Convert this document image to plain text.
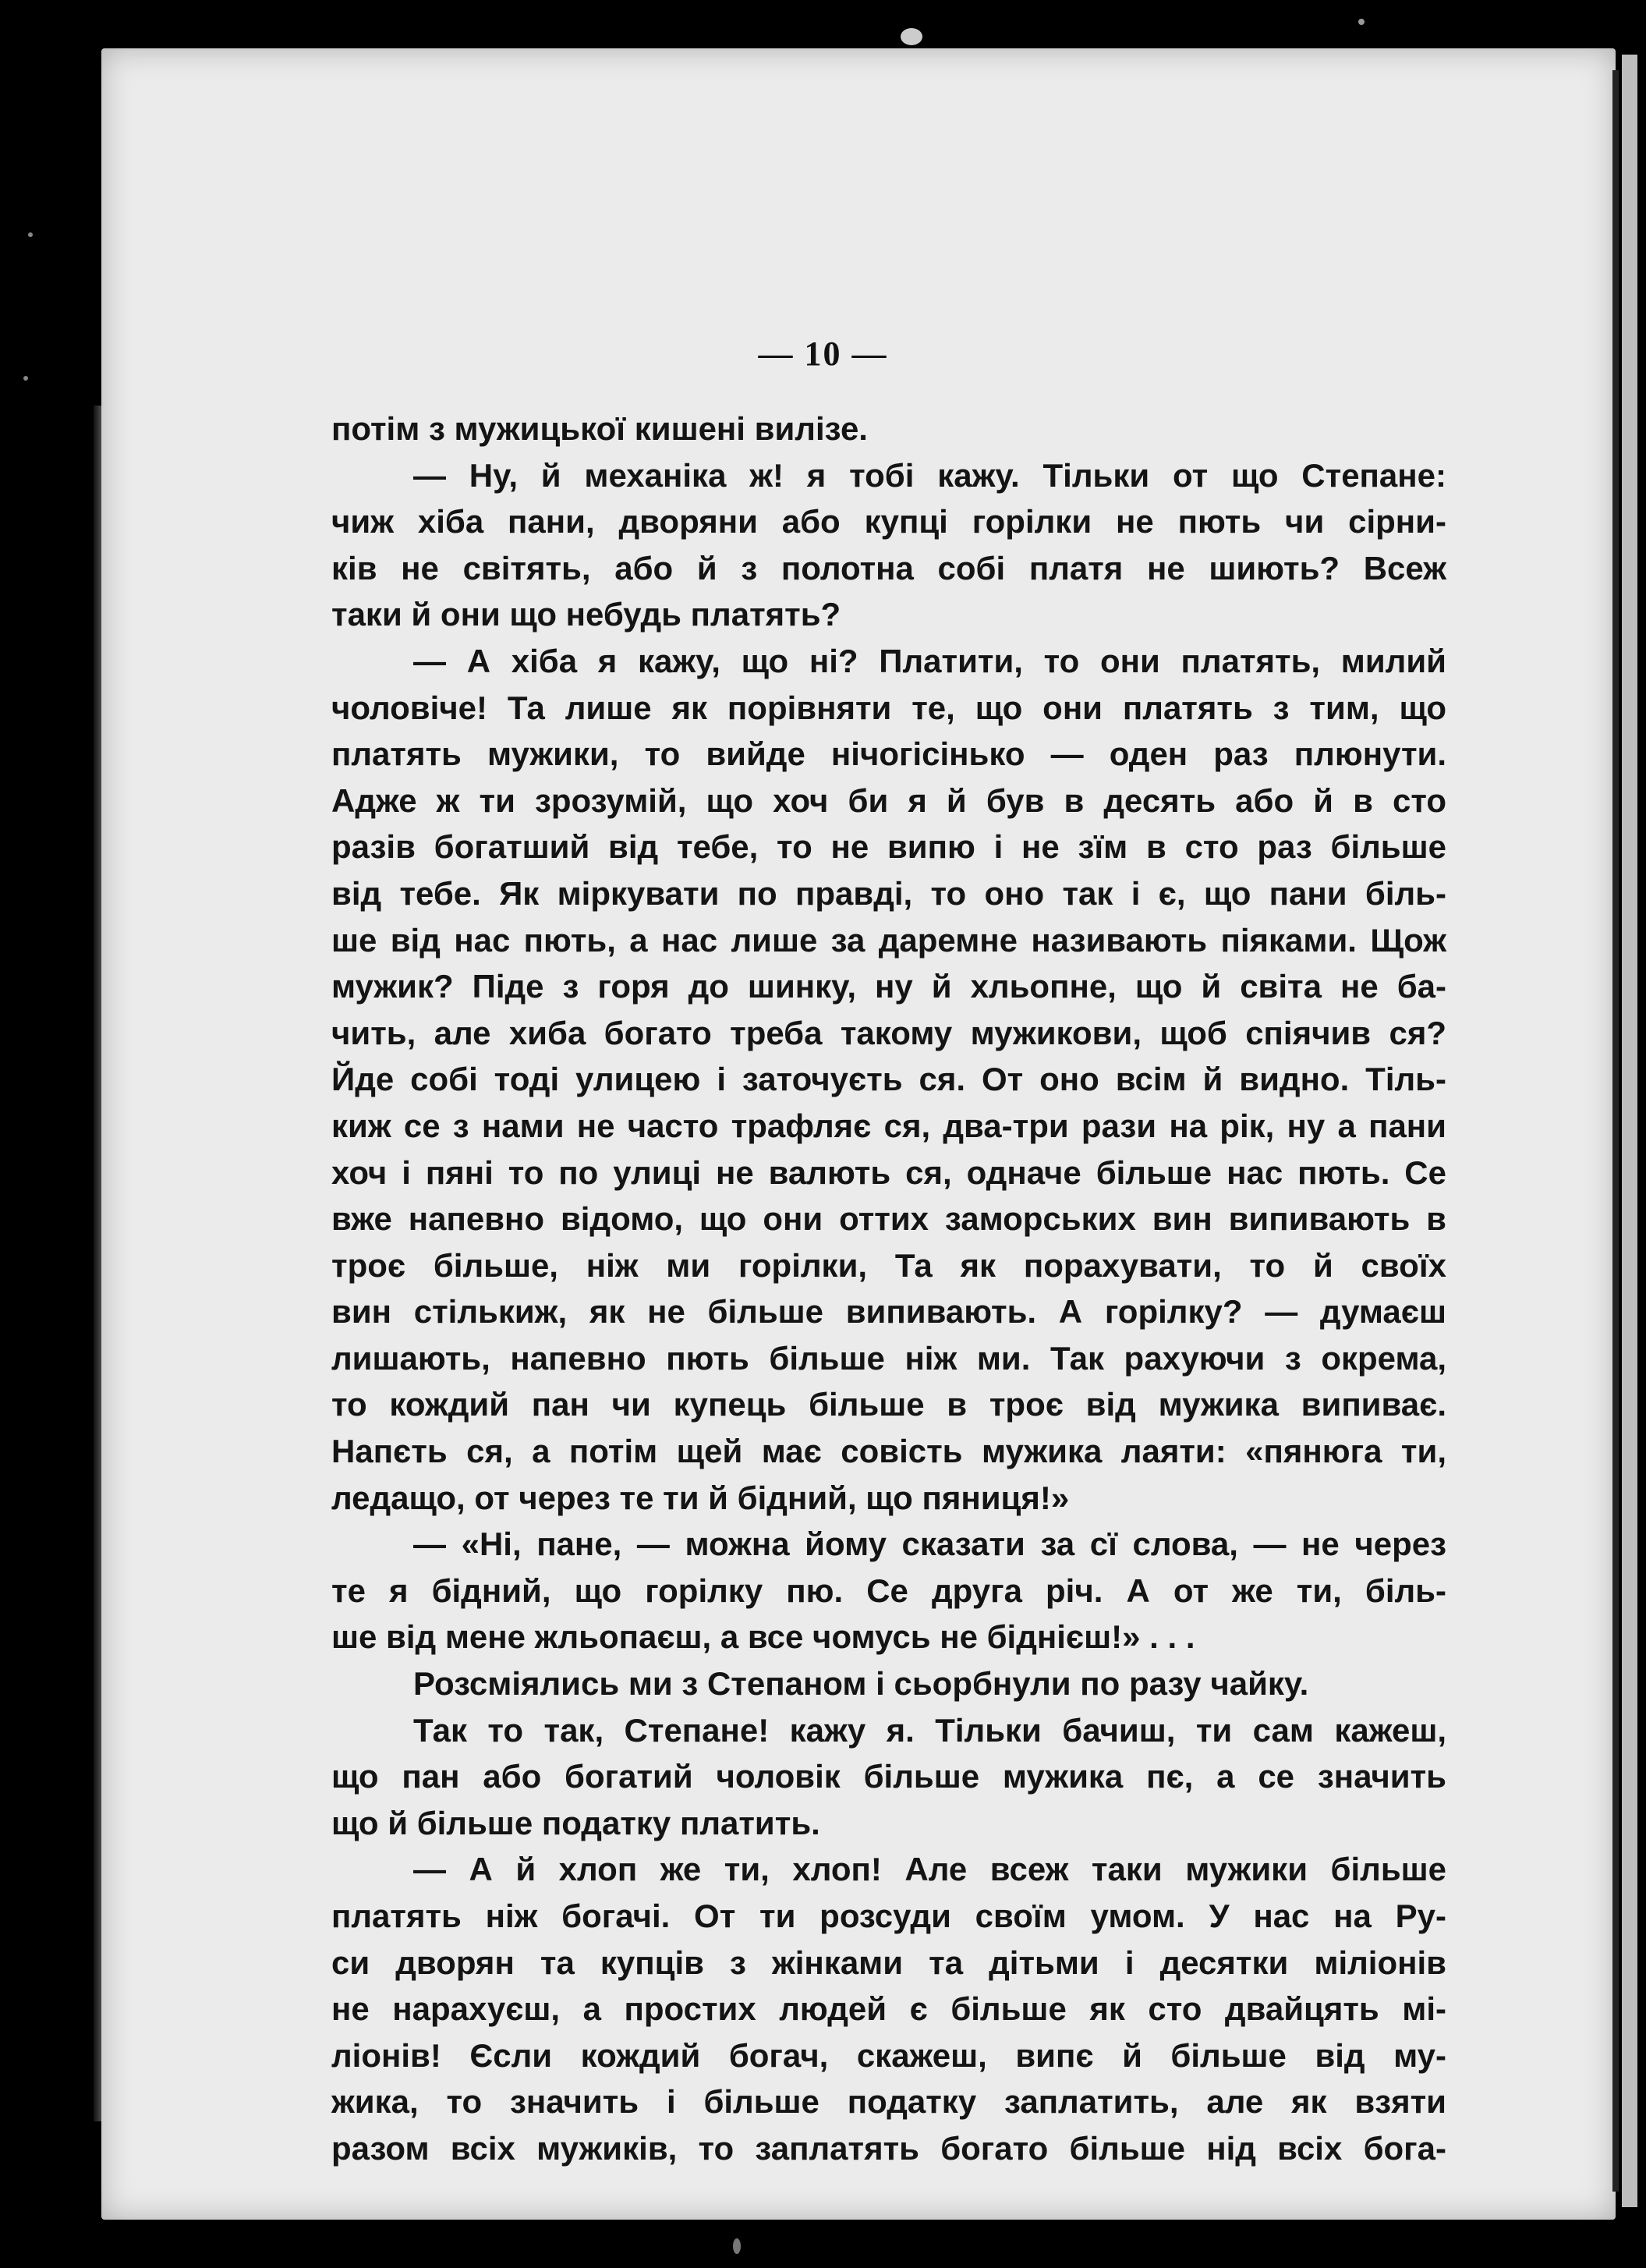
— 10 —
потім з мужицької кишені вилізе.
— Ну, й механіка ж! я тобі кажу. Тільки от що Степане:
чиж хіба пани, дворяни або купці горілки не пють чи сірни-
ків не світять, або й з полотна собі платя не шиють? Всеж
таки й они що небудь платять?
— А хіба я кажу, що ні? Платити, то они платять, милий
чоловіче! Та лише як порівняти те, що они платять з тим, що
платять мужики, то вийде нічогісінько — оден раз плюнути.
Адже ж ти зрозумій, що хоч би я й був в десять або й в сто
разів богатший від тебе, то не випю і не зїм в сто раз більше
від тебе. Як міркувати по правді, то оно так і є, що пани біль-
ше від нас пють, а нас лише за даремне називають піяками. Щож
мужик? Піде з горя до шинку, ну й хльопне, що й світа не ба-
чить, але хиба богато треба такому мужикови, щоб спіячив ся?
Йде собі тоді улицею і заточуєть ся. От оно всім й видно. Тіль-
киж се з нами не часто трафляє ся, два-три рази на рік, ну а пани
хоч і пяні то по улиці не валють ся, одначе більше нас пють. Се
вже напевно відомо, що они оттих заморських вин випивають в
троє більше, ніж ми горілки, Та як порахувати, то й своїх
вин стількиж, як не більше випивають. А горілку? — думаєш
лишають, напевно пють більше ніж ми. Так рахуючи з окрема,
то кождий пан чи купець більше в троє від мужика випиває.
Напєть ся, а потім щей має совість мужика лаяти: «пянюга ти,
ледащо, от через те ти й бідний, що пяниця!»
— «Ні, пане, — можна йому сказати за сї слова, — не через
те я бідний, що горілку пю. Се друга річ. А от же ти, біль-
ше від мене жльопаєш, а все чомусь не біднієш!» . . .
Розсміялись ми з Степаном і сьорбнули по разу чайку.
Так то так, Степане! кажу я. Тільки бачиш, ти сам кажеш,
що пан або богатий чоловік більше мужика пє, а се значить
що й більше податку платить.
— А й хлоп же ти, хлоп! Але всеж таки мужики більше
платять ніж богачі. От ти розсуди своїм умом. У нас на Ру-
си дворян та купців з жінками та дітьми і десятки міліонів
не нарахуєш, а простих людей є більше як сто двайцять мі-
ліонів! Єсли кождий богач, скажеш, випє й більше від му-
жика, то значить і більше податку заплатить, але як взяти
разом всіх мужиків, то заплатять богато більше нід всіх бога-
